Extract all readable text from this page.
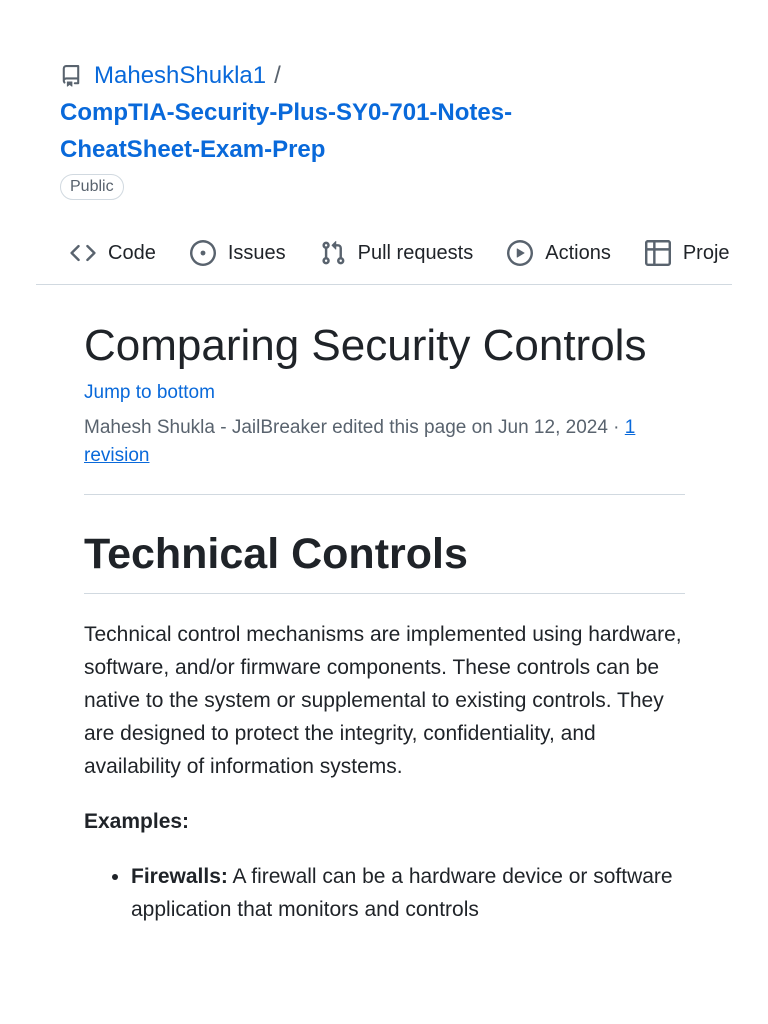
MaheshShukla1 /
CompTIA-Security-Plus-SY0-701-Notes-CheatSheet-Exam-Prep
Public
Code	Issues	Pull requests	Actions	Proje
Comparing Security Controls
Jump to bottom
Mahesh Shukla - JailBreaker edited this page on Jun 12, 2024 · 1 revision
Technical Controls

Technical control mechanisms are implemented using hardware, software, and/or firmware components. These controls can be native to the system or supplemental to existing controls. They are designed to protect the integrity, confidentiality, and availability of information systems.

Examples:

• Firewalls: A firewall can be a hardware device or software application that monitors and controls
